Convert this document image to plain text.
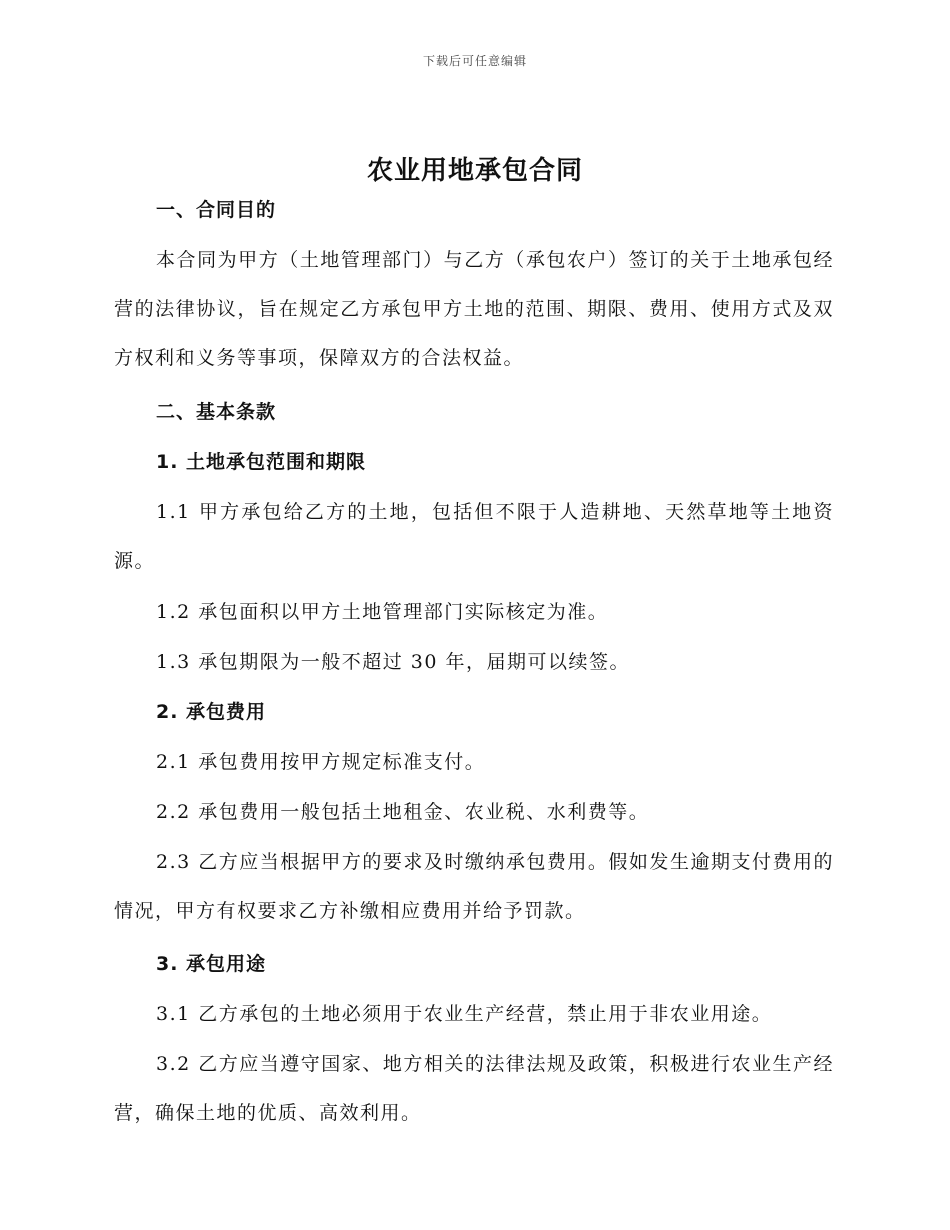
下载后可任意编辑
农业用地承包合同
一、合同目的
本合同为甲方（土地管理部门）与乙方（承包农户）签订的关于土地承包经营的法律协议，旨在规定乙方承包甲方土地的范围、期限、费用、使用方式及双方权利和义务等事项，保障双方的合法权益。
二、基本条款
1. 土地承包范围和期限
1.1 甲方承包给乙方的土地，包括但不限于人造耕地、天然草地等土地资源。
1.2 承包面积以甲方土地管理部门实际核定为准。
1.3 承包期限为一般不超过 30 年，届期可以续签。
2. 承包费用
2.1 承包费用按甲方规定标准支付。
2.2 承包费用一般包括土地租金、农业税、水利费等。
2.3 乙方应当根据甲方的要求及时缴纳承包费用。假如发生逾期支付费用的情况，甲方有权要求乙方补缴相应费用并给予罚款。
3. 承包用途
3.1 乙方承包的土地必须用于农业生产经营，禁止用于非农业用途。
3.2 乙方应当遵守国家、地方相关的法律法规及政策，积极进行农业生产经营，确保土地的优质、高效利用。
